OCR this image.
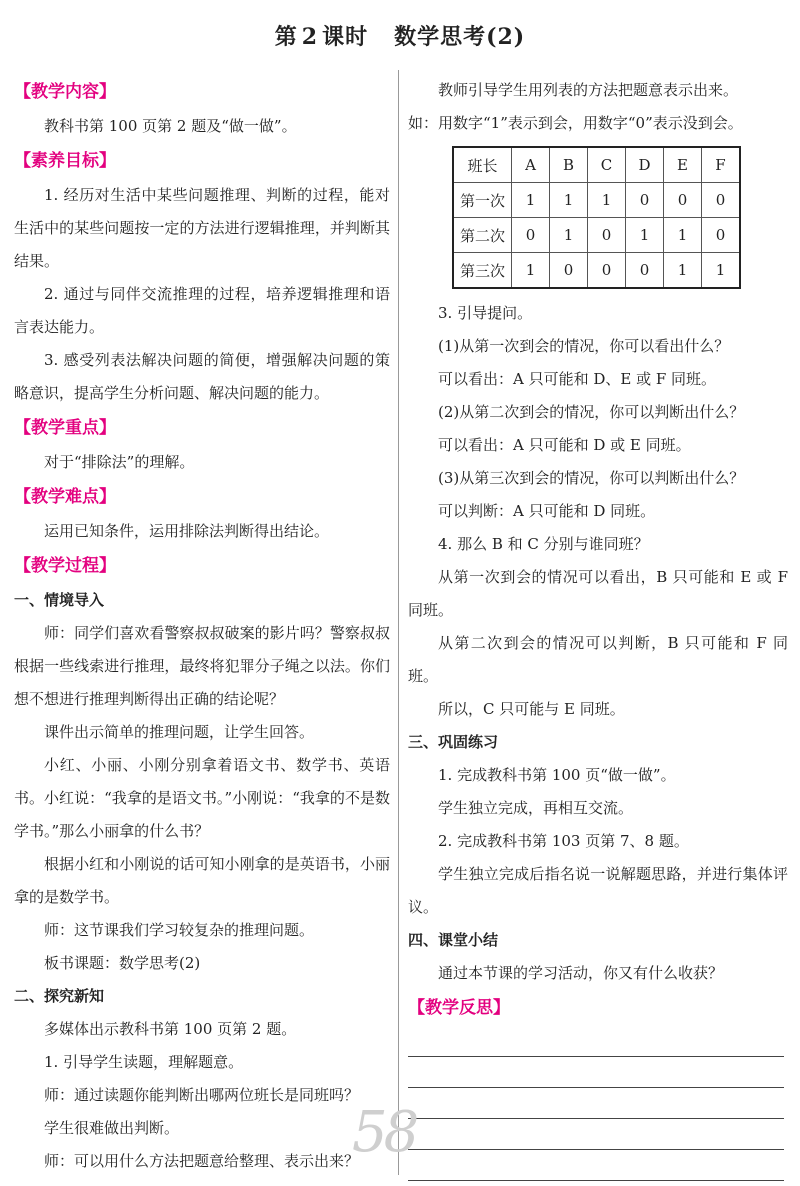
第 2 课时 数学思考(2)
【教学内容】
教科书第 100 页第 2 题及“做一做”。
【素养目标】
1. 经历对生活中某些问题推理、判断的过程，能对生活中的某些问题按一定的方法进行逻辑推理，并判断其结果。
2. 通过与同伴交流推理的过程，培养逻辑推理和语言表达能力。
3. 感受列表法解决问题的简便，增强解决问题的策略意识，提高学生分析问题、解决问题的能力。
【教学重点】
对于“排除法”的理解。
【教学难点】
运用已知条件，运用排除法判断得出结论。
【教学过程】
一、情境导入
师：同学们喜欢看警察叔叔破案的影片吗？警察叔叔根据一些线索进行推理，最终将犯罪分子绳之以法。你们想不想进行推理判断得出正确的结论呢？
课件出示简单的推理问题，让学生回答。
小红、小丽、小刚分别拿着语文书、数学书、英语书。小红说：“我拿的是语文书。”小刚说：“我拿的不是数学书。”那么小丽拿的什么书？
根据小红和小刚说的话可知小刚拿的是英语书，小丽拿的是数学书。
师：这节课我们学习较复杂的推理问题。
板书课题：数学思考(2)
二、探究新知
多媒体出示教科书第 100 页第 2 题。
1. 引导学生读题，理解题意。
师：通过读题你能判断出哪两位班长是同班吗？
学生很难做出判断。
师：可以用什么方法把题意给整理、表示出来？
教师引导学生用列表的方法把题意表示出来。
如：用数字“1”表示到会，用数字“0”表示没到会。
班长	A	B	C	D	E	F
第一次	1	1	1	0	0	0
第二次	0	1	0	1	1	0
第三次	1	0	0	0	1	1
3. 引导提问。
(1)从第一次到会的情况，你可以看出什么？
可以看出：A 只可能和 D、E 或 F 同班。
(2)从第二次到会的情况，你可以判断出什么？
可以看出：A 只可能和 D 或 E 同班。
(3)从第三次到会的情况，你可以判断出什么？
可以判断：A 只可能和 D 同班。
4. 那么 B 和 C 分别与谁同班？
从第一次到会的情况可以看出，B 只可能和 E 或 F 同班。
从第二次到会的情况可以判断，B 只可能和 F 同班。
所以，C 只可能与 E 同班。
三、巩固练习
1. 完成教科书第 100 页“做一做”。
学生独立完成，再相互交流。
2. 完成教科书第 103 页第 7、8 题。
学生独立完成后指名说一说解题思路，并进行集体评议。
四、课堂小结
通过本节课的学习活动，你又有什么收获？
【教学反思】
58
